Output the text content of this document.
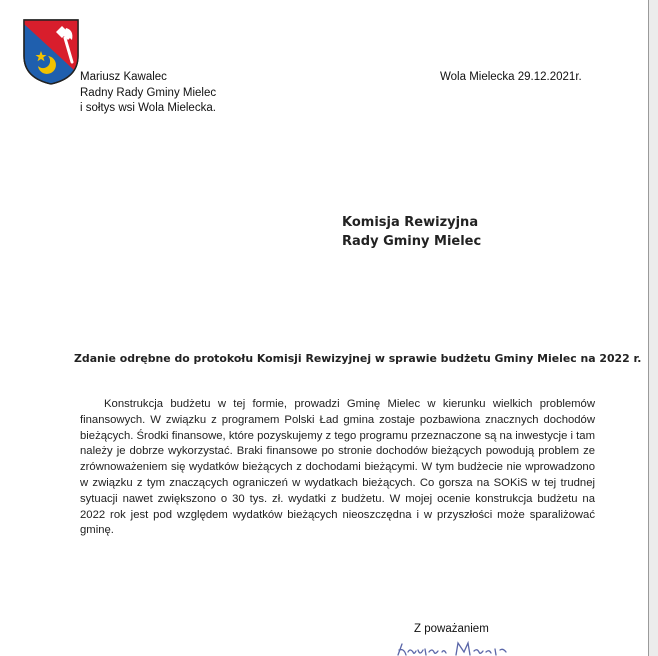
Mariusz Kawalec
Radny Rady Gminy Mielec
i sołtys wsi Wola Mielecka.
Wola Mielecka 29.12.2021r.
Komisja Rewizyjna
Rady Gminy Mielec
Zdanie odrębne do protokołu Komisji Rewizyjnej w sprawie budżetu Gminy Mielec na 2022 r.
Konstrukcja budżetu w tej formie, prowadzi Gminę Mielec w kierunku wielkich problemów finansowych. W związku z programem Polski Ład gmina zostaje pozbawiona znacznych dochodów bieżących. Środki finansowe, które pozyskujemy z tego programu przeznaczone są na inwestycje i tam należy je dobrze wykorzystać. Braki finansowe po stronie dochodów bieżących powodują problem ze zrównoważeniem się wydatków bieżących z dochodami bieżącymi. W tym budżecie nie wprowadzono w związku z tym znaczących ograniczeń w wydatkach bieżących. Co gorsza na SOKiS w tej trudnej sytuacji nawet zwiększono o 30 tys. zł. wydatki z budżetu. W mojej ocenie konstrukcja budżetu na 2022 rok jest pod względem wydatków bieżących nieoszczędna i w przyszłości może sparaliżować gminę.
Z poważaniem
